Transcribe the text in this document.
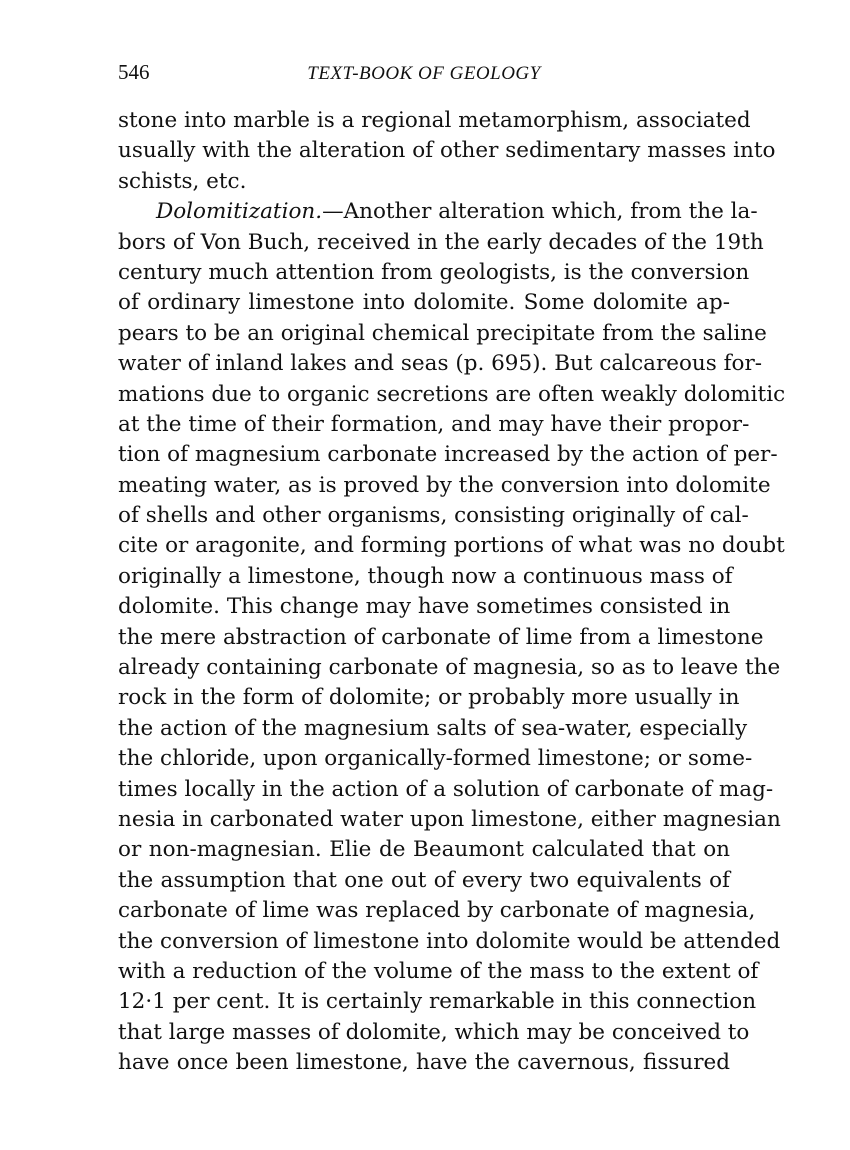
546	TEXT-BOOK OF GEOLOGY
stone into marble is a regional metamorphism, associated
usually with the alteration of other sedimentary masses into
schists, etc.
Dolomitization.—Another alteration which, from the la-
bors of Von Buch, received in the early decades of the 19th
century much attention from geologists, is the conversion
of ordinary limestone into dolomite. Some dolomite ap-
pears to be an original chemical precipitate from the saline
water of inland lakes and seas (p. 695). But calcareous for-
mations due to organic secretions are often weakly dolomitic
at the time of their formation, and may have their propor-
tion of magnesium carbonate increased by the action of per-
meating water, as is proved by the conversion into dolomite
of shells and other organisms, consisting originally of cal-
cite or aragonite, and forming portions of what was no doubt
originally a limestone, though now a continuous mass of
dolomite. This change may have sometimes consisted in
the mere abstraction of carbonate of lime from a limestone
already containing carbonate of magnesia, so as to leave the
rock in the form of dolomite; or probably more usually in
the action of the magnesium salts of sea-water, especially
the chloride, upon organically-formed limestone; or some-
times locally in the action of a solution of carbonate of mag-
nesia in carbonated water upon limestone, either magnesian
or non-magnesian. Elie de Beaumont calculated that on
the assumption that one out of every two equivalents of
carbonate of lime was replaced by carbonate of magnesia,
the conversion of limestone into dolomite would be attended
with a reduction of the volume of the mass to the extent of
12·1 per cent. It is certainly remarkable in this connection
that large masses of dolomite, which may be conceived to
have once been limestone, have the cavernous, fissured
